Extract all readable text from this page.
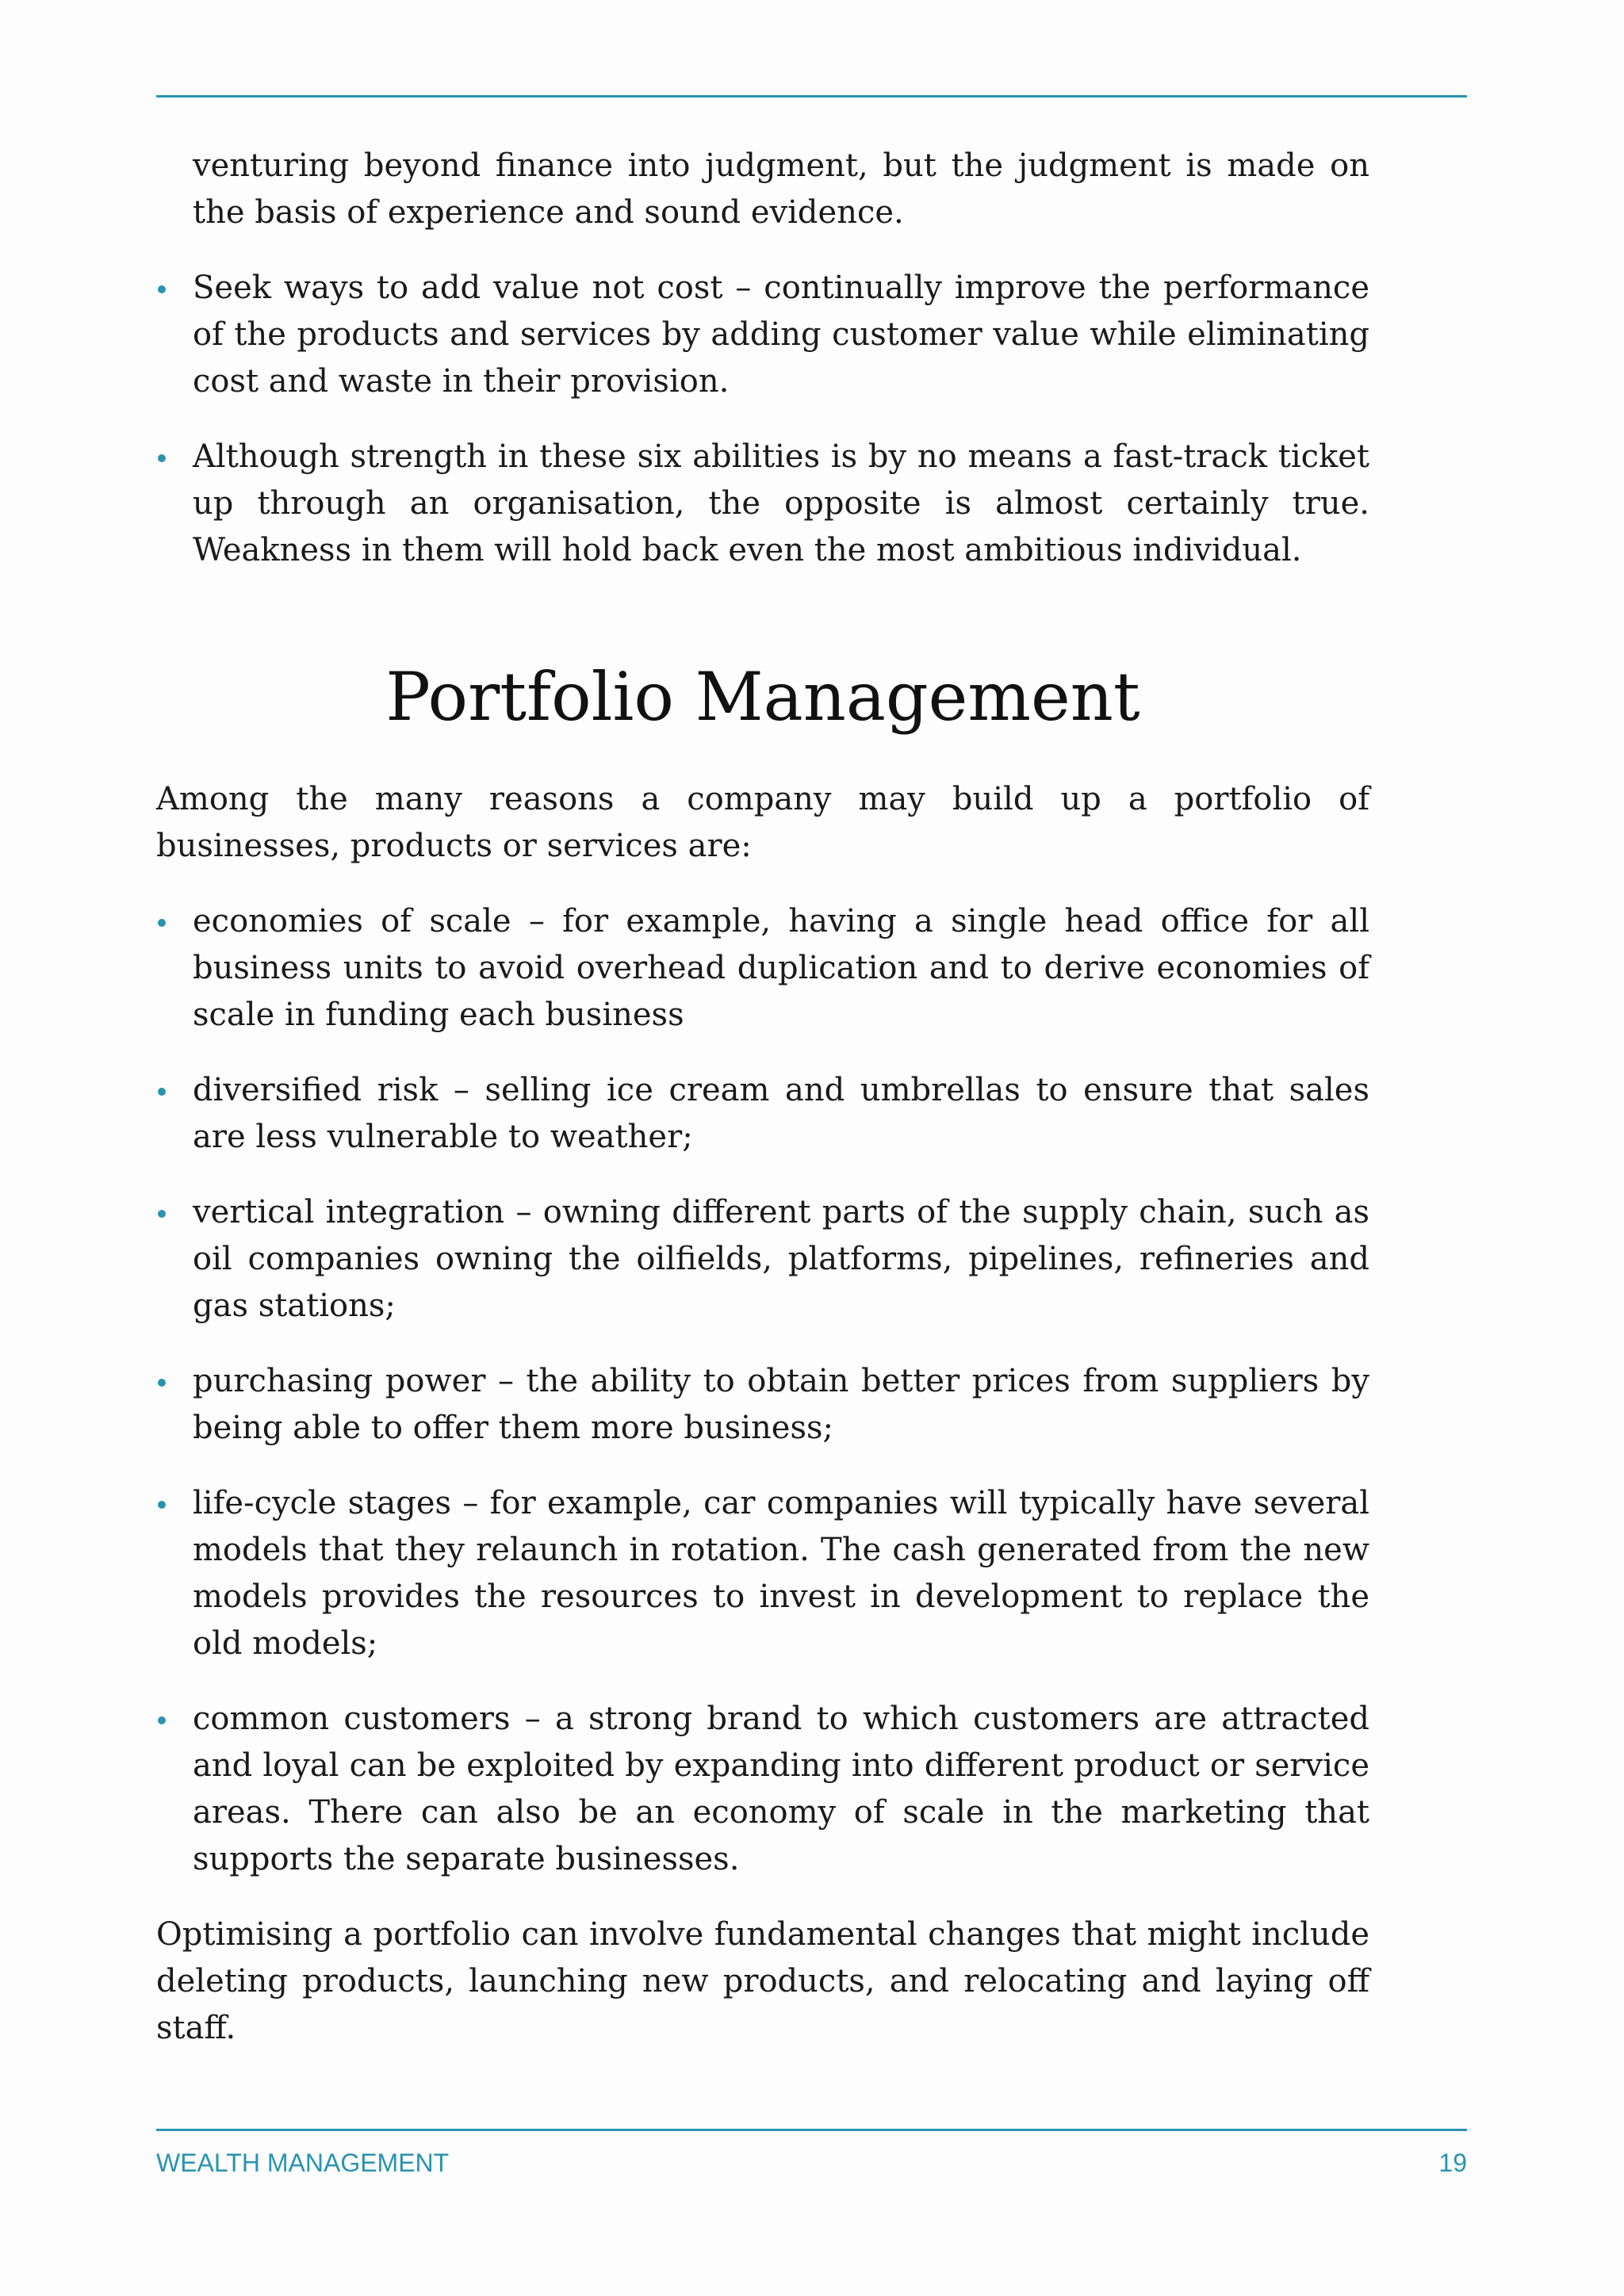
venturing beyond finance into judgment, but the judgment is made on the basis of experience and sound evidence.

Seek ways to add value not cost – continually improve the performance of the products and services by adding customer value while eliminating cost and waste in their provision.
Although strength in these six abilities is by no means a fast-track ticket up through an organisation, the opposite is almost certainly true. Weakness in them will hold back even the most ambitious individual.
Portfolio Management

Among the many reasons a company may build up a portfolio of businesses, products or services are:

economies of scale – for example, having a single head office for all business units to avoid overhead duplication and to derive economies of scale in funding each business
diversified risk – selling ice cream and umbrellas to ensure that sales are less vulnerable to weather;
vertical integration – owning different parts of the supply chain, such as oil companies owning the oilfields, platforms, pipelines, refineries and gas stations;
purchasing power – the ability to obtain better prices from suppliers by being able to offer them more business;
life-cycle stages – for example, car companies will typically have several models that they relaunch in rotation. The cash generated from the new models provides the resources to invest in development to replace the old models;
common customers – a strong brand to which customers are attracted and loyal can be exploited by expanding into different product or service areas. There can also be an economy of scale in the marketing that supports the separate businesses.

Optimising a portfolio can involve fundamental changes that might include deleting products, launching new products, and relocating and laying off staff.

WEALTH MANAGEMENT	19
